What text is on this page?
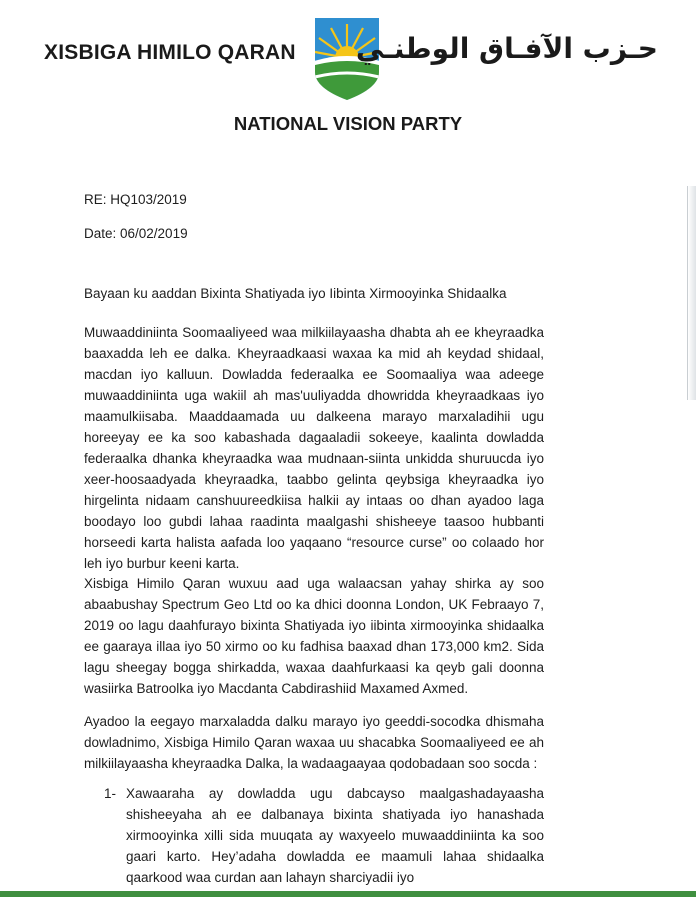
XISBIGA HIMILO QARAN حـزب الآفـاق الوطنـي
NATIONAL VISION PARTY
RE: HQ103/2019
Date: 06/02/2019
Bayaan ku aaddan Bixinta Shatiyada iyo Iibinta Xirmooyinka Shidaalka
Muwaaddiniinta Soomaaliyeed waa milkiilayaasha dhabta ah ee kheyraadka baaxadda leh ee dalka. Kheyraadkaasi waxaa ka mid ah keydad shidaal, macdan iyo kalluun. Dowladda federaalka ee Soomaaliya waa adeege muwaaddiniinta uga wakiil ah mas'uuliyadda dhowridda kheyraadkaas iyo maamulkiisaba. Maaddaamada uu dalkeena marayo marxaladihii ugu horeeyay ee ka soo kabashada dagaaladii sokeeye, kaalinta dowladda federaalka dhanka kheyraadka waa mudnaan-siinta unkidda shuruucda iyo xeer-hoosaadyada kheyraadka, taabbo gelinta qeybsiga kheyraadka iyo hirgelinta nidaam canshuureedkiisa halkii ay intaas oo dhan ayadoo laga boodayo loo gubdi lahaa raadinta maalgashi shisheeye taasoo hubbanti horseedi karta halista aafada loo yaqaano “resource curse” oo colaado hor leh iyo burbur keeni karta.
Xisbiga Himilo Qaran wuxuu aad uga walaacsan yahay shirka ay soo abaabushay Spectrum Geo Ltd oo ka dhici doonna London, UK Febraayo 7, 2019 oo lagu daahfurayo bixinta Shatiyada iyo iibinta xirmooyinka shidaalka ee gaaraya illaa iyo 50 xirmo oo ku fadhisa baaxad dhan 173,000 km2. Sida lagu sheegay bogga shirkadda, waxaa daahfurkaasi ka qeyb gali doonna wasiirka Batroolka iyo Macdanta Cabdirashiid Maxamed Axmed.
Ayadoo la eegayo marxaladda dalku marayo iyo geeddi-socodka dhismaha dowladnimo, Xisbiga Himilo Qaran waxaa uu shacabka Soomaaliyeed ee ah milkiilayaasha kheyraadka Dalka, la wadaagaayaa qodobadaan soo socda :
1- Xawaaraha ay dowladda ugu dabcayso maalgashadayaasha shisheeyaha ah ee dalbanaya bixinta shatiyada iyo hanashada xirmooyinka xilli sida muuqata ay waxyeelo muwaaddiniinta ka soo gaari karto. Hey’adaha dowladda ee maamuli lahaa shidaalka qaarkood waa curdan aan lahayn sharciyadii iyo
